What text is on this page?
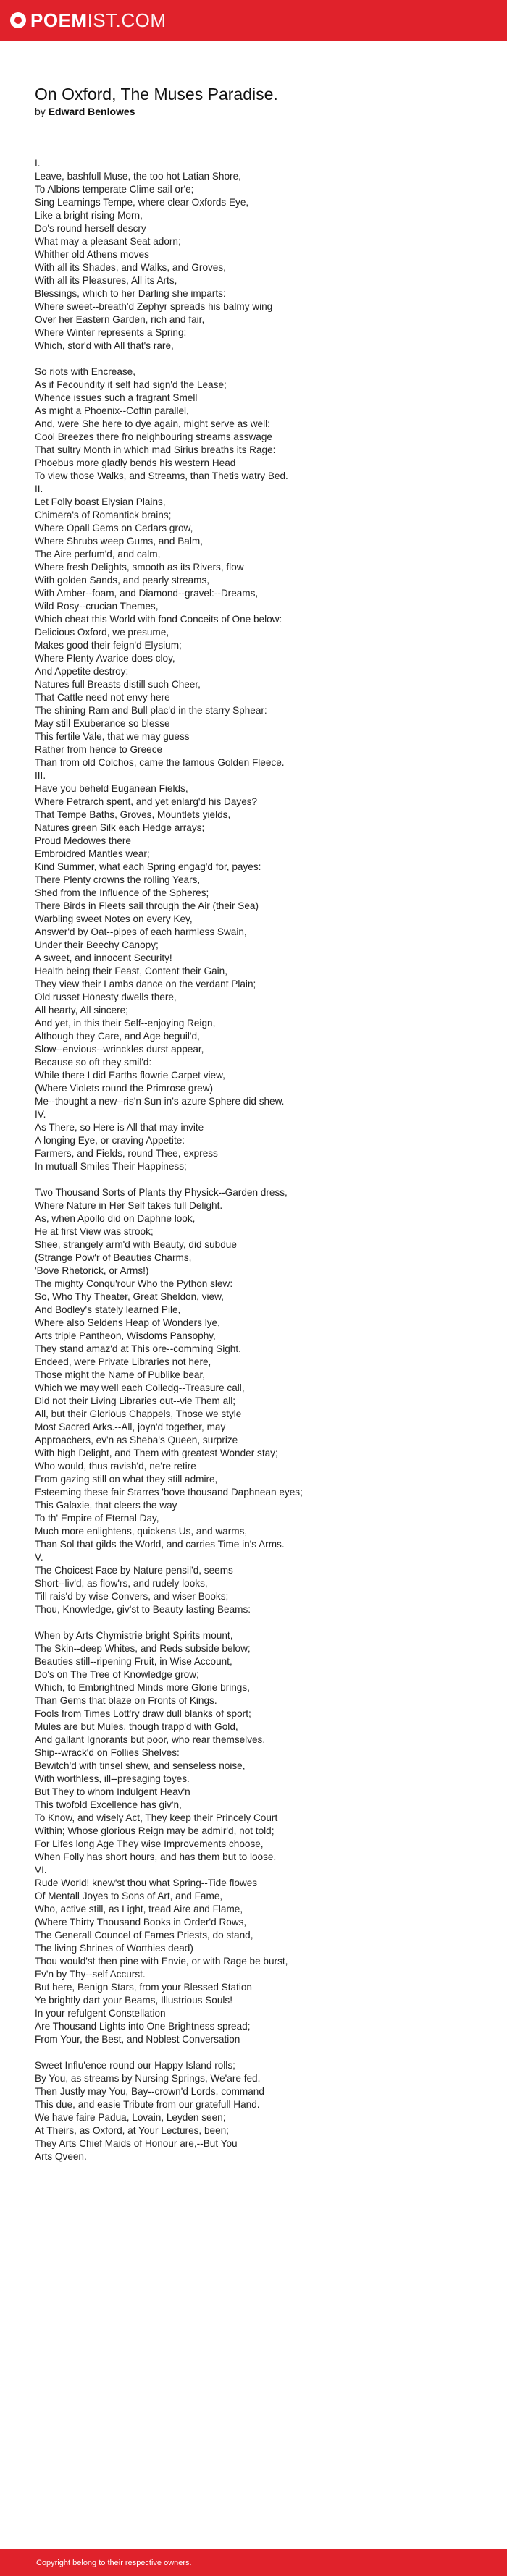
POEMIST.COM
On Oxford, The Muses Paradise.
by Edward Benlowes
I.
Leave, bashfull Muse, the too hot Latian Shore,
To Albions temperate Clime sail or'e;
Sing Learnings Tempe, where clear Oxfords Eye,
Like a bright rising Morn,
Do's round herself descry
What may a pleasant Seat adorn;
Whither old Athens moves
With all its Shades, and Walks, and Groves,
With all its Pleasures, All its Arts,
Blessings, which to her Darling she imparts:
Where sweet--breath'd Zephyr spreads his balmy wing
Over her Eastern Garden, rich and fair,
Where Winter represents a Spring;
Which, stor'd with All that's rare,
So riots with Encrease,
As if Fecoundity it self had sign'd the Lease;
Whence issues such a fragrant Smell
As might a Phoenix--Coffin parallel,
And, were She here to dye again, might serve as well:
Cool Breezes there fro neighbouring streams asswage
That sultry Month in which mad Sirius breaths its Rage:
Phoebus more gladly bends his western Head
To view those Walks, and Streams, than Thetis watry Bed.
II.
Let Folly boast Elysian Plains,
Chimera's of Romantick brains;
Where Opall Gems on Cedars grow,
Where Shrubs weep Gums, and Balm,
The Aire perfum'd, and calm,
Where fresh Delights, smooth as its Rivers, flow
With golden Sands, and pearly streams,
With Amber--foam, and Diamond--gravel:--Dreams,
Wild Rosy--crucian Themes,
Which cheat this World with fond Conceits of One below:
Delicious Oxford, we presume,
Makes good their feign'd Elysium;
Where Plenty Avarice does cloy,
And Appetite destroy:
Natures full Breasts distill such Cheer,
That Cattle need not envy here
The shining Ram and Bull plac'd in the starry Sphear:
May still Exuberance so blesse
This fertile Vale, that we may guess
Rather from hence to Greece
Than from old Colchos, came the famous Golden Fleece.
III.
Have you beheld Euganean Fields,
Where Petrarch spent, and yet enlarg'd his Dayes?
That Tempe Baths, Groves, Mountlets yields,
Natures green Silk each Hedge arrays;
Proud Medowes there
Embroidred Mantles wear;
Kind Summer, what each Spring engag'd for, payes:
There Plenty crowns the rolling Years,
Shed from the Influence of the Spheres;
There Birds in Fleets sail through the Air (their Sea)
Warbling sweet Notes on every Key,
Answer'd by Oat--pipes of each harmless Swain,
Under their Beechy Canopy;
A sweet, and innocent Security!
Health being their Feast, Content their Gain,
They view their Lambs dance on the verdant Plain;
Old russet Honesty dwells there,
All hearty, All sincere;
And yet, in this their Self--enjoying Reign,
Although they Care, and Age beguil'd,
Slow--envious--wrinckles durst appear,
Because so oft they smil'd:
While there I did Earths flowrie Carpet view,
(Where Violets round the Primrose grew)
Me--thought a new--ris'n Sun in's azure Sphere did shew.
IV.
As There, so Here is All that may invite
A longing Eye, or craving Appetite:
Farmers, and Fields, round Thee, express
In mutuall Smiles Their Happiness;
Two Thousand Sorts of Plants thy Physick--Garden dress,
Where Nature in Her Self takes full Delight.
As, when Apollo did on Daphne look,
He at first View was strook;
Shee, strangely arm'd with Beauty, did subdue
(Strange Pow'r of Beauties Charms,
'Bove Rhetorick, or Arms!)
The mighty Conqu'rour Who the Python slew:
So, Who Thy Theater, Great Sheldon, view,
And Bodley's stately learned Pile,
Where also Seldens Heap of Wonders lye,
Arts triple Pantheon, Wisdoms Pansophy,
They stand amaz'd at This ore--comming Sight.
Endeed, were Private Libraries not here,
Those might the Name of Publike bear,
Which we may well each Colledg--Treasure call,
Did not their Living Libraries out--vie Them all;
All, but their Glorious Chappels, Those we style
Most Sacred Arks.--All, joyn'd together, may
Approachers, ev'n as Sheba's Queen, surprize
With high Delight, and Them with greatest Wonder stay;
Who would, thus ravish'd, ne're retire
From gazing still on what they still admire,
Esteeming these fair Starres 'bove thousand Daphnean eyes;
This Galaxie, that cleers the way
To th' Empire of Eternal Day,
Much more enlightens, quickens Us, and warms,
Than Sol that gilds the World, and carries Time in's Arms.
V.
The Choicest Face by Nature pensil'd, seems
Short--liv'd, as flow'rs, and rudely looks,
Till rais'd by wise Convers, and wiser Books;
Thou, Knowledge, giv'st to Beauty lasting Beams:
When by Arts Chymistrie bright Spirits mount,
The Skin--deep Whites, and Reds subside below;
Beauties still--ripening Fruit, in Wise Account,
Do's on The Tree of Knowledge grow;
Which, to Embrightned Minds more Glorie brings,
Than Gems that blaze on Fronts of Kings.
Fools from Times Lott'ry draw dull blanks of sport;
Mules are but Mules, though trapp'd with Gold,
And gallant Ignorants but poor, who rear themselves,
Ship--wrack'd on Follies Shelves:
Bewitch'd with tinsel shew, and senseless noise,
With worthless, ill--presaging toyes.
But They to whom Indulgent Heav'n
This twofold Excellence has giv'n,
To Know, and wisely Act, They keep their Princely Court
Within; Whose glorious Reign may be admir'd, not told;
For Lifes long Age They wise Improvements choose,
When Folly has short hours, and has them but to loose.
VI.
Rude World! knew'st thou what Spring--Tide flowes
Of Mentall Joyes to Sons of Art, and Fame,
Who, active still, as Light, tread Aire and Flame,
(Where Thirty Thousand Books in Order'd Rows,
The Generall Councel of Fames Priests, do stand,
The living Shrines of Worthies dead)
Thou would'st then pine with Envie, or with Rage be burst,
Ev'n by Thy--self Accurst.
But here, Benign Stars, from your Blessed Station
Ye brightly dart your Beams, Illustrious Souls!
In your refulgent Constellation
Are Thousand Lights into One Brightness spread;
From Your, the Best, and Noblest Conversation
Sweet Influ'ence round our Happy Island rolls;
By You, as streams by Nursing Springs, We'are fed.
Then Justly may You, Bay--crown'd Lords, command
This due, and easie Tribute from our gratefull Hand.
We have faire Padua, Lovain, Leyden seen;
At Theirs, as Oxford, at Your Lectures, been;
They Arts Chief Maids of Honour are,--But You
Arts Qveen.
Copyright belong to their respective owners.
